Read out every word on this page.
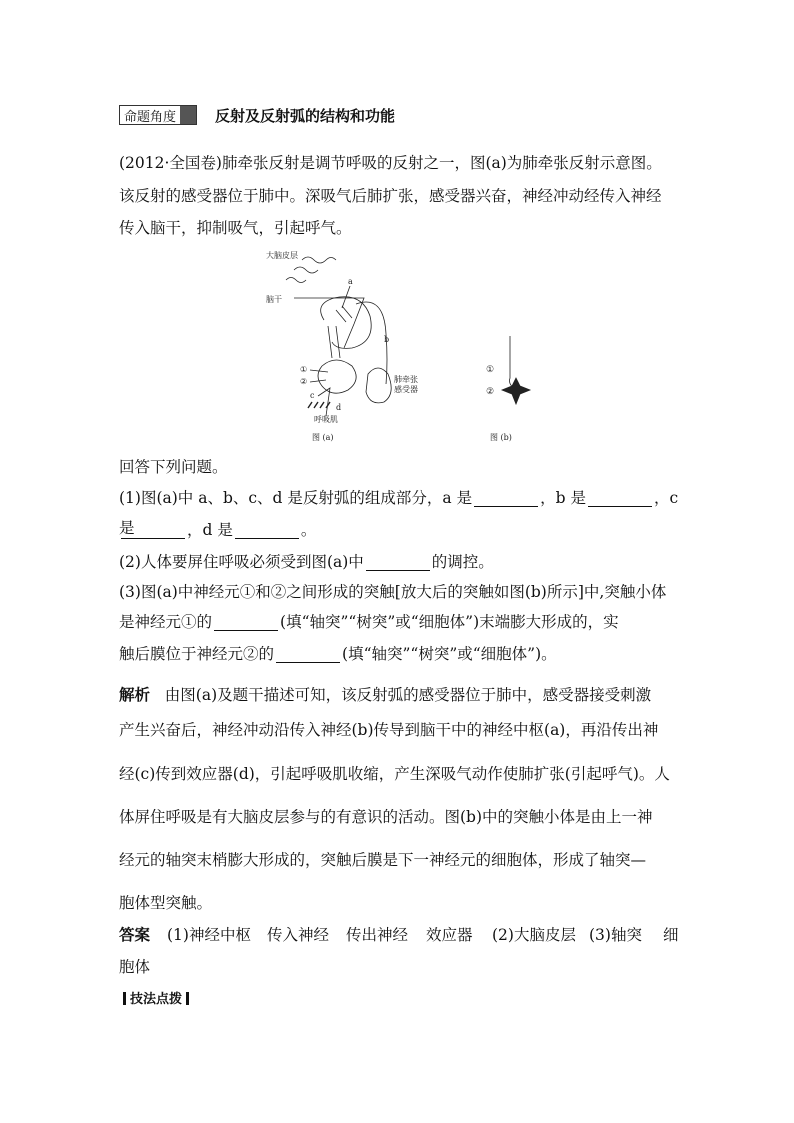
命题角度	反射及反射弧的结构和功能

(2012·全国卷)肺牵张反射是调节呼吸的反射之一，图(a)为肺牵张反射示意图。

该反射的感受器位于肺中。深吸气后肺扩张，感受器兴奋，神经冲动经传入神经

传入脑干，抑制吸气，引起呼气。

大脑皮层
脑干
a
b
①
②
c
d
呼吸肌
肺牵张
感受器
图 (a)
①
②
图 (b)

回答下列问题。

(1)图(a)中 a、b、c、d 是反射弧的组成部分，a 是	，b 是	，c 是	，d 是	。

(2)人体要屏住呼吸必须受到图(a)中	的调控。

(3)图(a)中神经元①和②之间形成的突触[放大后的突触如图(b)所示]中,突触小体

是神经元①的	(填“轴突”“树突”或“细胞体”)末端膨大形成的，实

触后膜位于神经元②的	(填“轴突”“树突”或“细胞体”)。

解析 由图(a)及题干描述可知，该反射弧的感受器位于肺中，感受器接受刺激

产生兴奋后，神经冲动沿传入神经(b)传导到脑干中的神经中枢(a)，再沿传出神

经(c)传到效应器(d)，引起呼吸肌收缩，产生深吸气动作使肺扩张(引起呼气)。人

体屏住呼吸是有大脑皮层参与的有意识的活动。图(b)中的突触小体是由上一神

经元的轴突末梢膨大形成的，突触后膜是下一神经元的细胞体，形成了轴突—

胞体型突触。

答案 (1)神经中枢 传入神经 传出神经 效应器 (2)大脑皮层 (3)轴突 细

胞体

技法点拨
